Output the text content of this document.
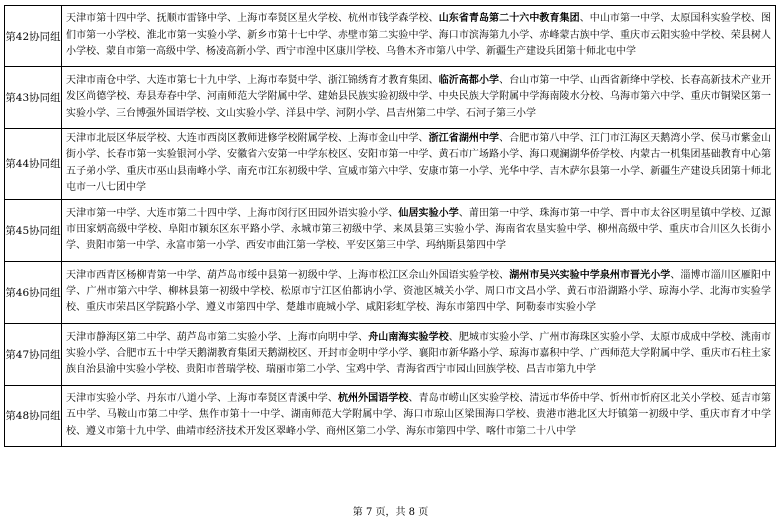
第42协同组	天津市第十四中学、抚顺市雷锋中学、上海市奉贤区星火学校、杭州市钱学森学校、山东省青岛第二十六中教育集团、中山市第一中学、太原国科实验学校、图们市第一小学校、淮北市第一实验小学、新乡市第十七中学、赤壁市第二实验中学、海口市滨海第九小学、赤峰蒙古族中学、重庆市云阳实验中学校、荣县树人小学校、蒙自市第一高级中学、杨凌高新小学、西宁市湟中区康川学校、乌鲁木齐市第八中学、新疆生产建设兵团第十师北屯中学
第43协同组	天津市南仓中学、大连市第七十九中学、上海市奉贤中学、浙江锦绣育才教育集团、临沂高都小学、台山市第一中学、山西省新绛中学校、长春高新技术产业开发区尚德学校、寿县寿春中学、河南师范大学附属中学、建始县民族实验初级中学、中央民族大学附属中学海南陵水分校、乌海市第六中学、重庆市铜梁区第一实验小学、三台博强外国语学校、文山实验小学、洋县中学、河阴小学、昌吉州第二中学、石河子第三小学
第44协同组	天津市北辰区华辰学校、大连市西岗区教师进修学校附属学校、上海市金山中学、浙江省湖州中学、合肥市第八中学、江门市江海区天鹅湾小学、侯马市紫金山街小学、长春市第一实验银河小学、安徽省六安第一中学东校区、安阳市第一中学、黄石市广场路小学、海口观澜湖华侨学校、内蒙古一机集团基础教育中心第五子弟小学、重庆市巫山县南峰小学、南充市江东初级中学、宣威市第六中学、安康市第一小学、光华中学、吉木萨尔县第一小学、新疆生产建设兵团第十师北屯市一八七团中学
第45协同组	天津市第一中学、大连市第二十四中学、上海市闵行区田园外语实验小学、仙居实验小学、莆田第一中学、珠海市第一中学、晋中市太谷区明星镇中学校、辽源市田家炳高级中学校、阜阳市颍东区东平路小学、永城市第三初级中学、来凤县第三实验小学、海南省农垦实验中学、柳州高级中学、重庆市合川区久长街小学、贵阳市第一中学、永富市第一小学、西安市曲江第一学校、平安区第三中学、玛纳斯县第四中学
第46协同组	天津市西青区杨柳青第一中学、葫芦岛市绥中县第一初级中学、上海市松江区佘山外国语实验学校、湖州市吴兴实验中学泉州市晋光小学、淄博市淄川区雁阳中学、广州市第六中学、柳林县第一初级中学校、松原市宁江区伯都讷小学、资池区城关小学、周口市文昌小学、黄石市沿湖路小学、琼海小学、北海市实验学校、重庆市荣昌区学院路小学、遵义市第四中学、楚雄市鹿城小学、咸阳彩虹学校、海东市第四中学、阿勒泰市实验小学
第47协同组	天津市静海区第二中学、葫芦岛市第二实验小学、上海市向明中学、舟山南海实验学校、肥城市实验小学、广州市海珠区实验小学、太原市成成中学校、洮南市实验小学、合肥市五十中学天鹅湖教育集团天鹅湖校区、开封市金明中学小学、襄阳市新华路小学、琼海市嘉积中学、广西师范大学附属中学、重庆市石柱土家族自治县渝中实验小学校、贵阳市普瑞学校、瑞丽市第二小学、宝鸡中学、青海省西宁市园山回族学校、昌吉市第九中学
第48协同组	天津市实验小学、丹东市八道小学、上海市奉贤区青溪中学、杭州外国语学校、青岛市崂山区实验学校、清远市华侨中学、忻州市忻府区北关小学校、延吉市第五中学、马鞍山市第二中学、焦作市第十一中学、湖南师范大学附属中学、海口市琼山区梁围海口学校、贵港市港北区大圩镇第一初级中学、重庆市育才中学校、遵义市第十九中学、曲靖市经济技术开发区翠峰小学、商州区第二小学、海东市第四中学、喀什市第二十八中学
第 7 页，共 8 页
